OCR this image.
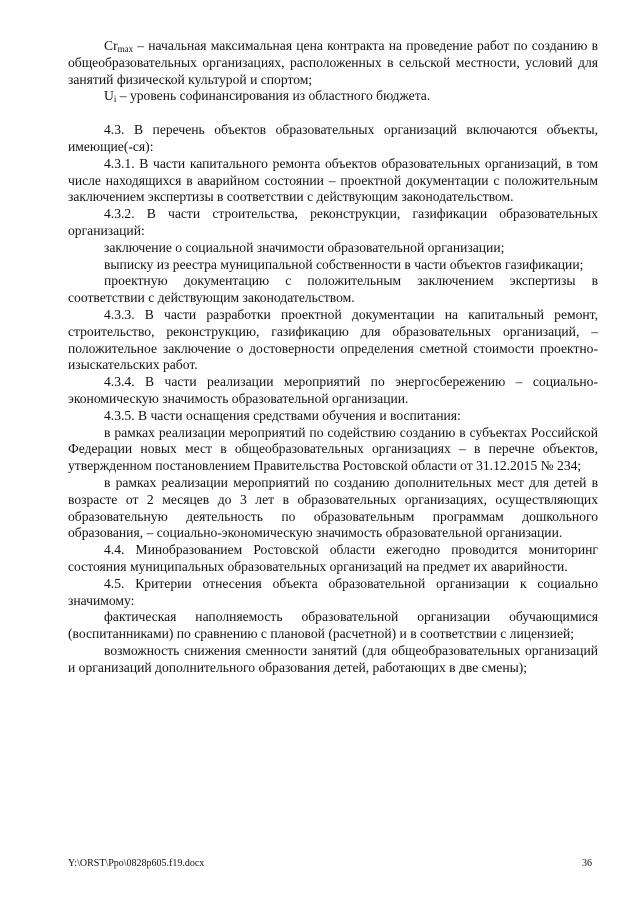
$Cr_{max}$ – начальная максимальная цена контракта на проведение работ по созданию в общеобразовательных организациях, расположенных в сельской местности, условий для занятий физической культурой и спортом;

$U_i$ – уровень софинансирования из областного бюджета.

4.3. В перечень объектов образовательных организаций включаются объекты, имеющие(-ся):

4.3.1. В части капитального ремонта объектов образовательных организаций, в том числе находящихся в аварийном состоянии – проектной документации с положительным заключением экспертизы в соответствии с действующим законодательством.

4.3.2. В части строительства, реконструкции, газификации образовательных организаций:

заключение о социальной значимости образовательной организации;

выписку из реестра муниципальной собственности в части объектов газификации;

проектную документацию с положительным заключением экспертизы в соответствии с действующим законодательством.

4.3.3. В части разработки проектной документации на капитальный ремонт, строительство, реконструкцию, газификацию для образовательных организаций, – положительное заключение о достоверности определения сметной стоимости проектно-изыскательских работ.

4.3.4. В части реализации мероприятий по энергосбережению – социально-экономическую значимость образовательной организации.

4.3.5. В части оснащения средствами обучения и воспитания:

в рамках реализации мероприятий по содействию созданию в субъектах Российской Федерации новых мест в общеобразовательных организациях – в перечне объектов, утвержденном постановлением Правительства Ростовской области от 31.12.2015 № 234;

в рамках реализации мероприятий по созданию дополнительных мест для детей в возрасте от 2 месяцев до 3 лет в образовательных организациях, осуществляющих образовательную деятельность по образовательным программам дошкольного образования, – социально-экономическую значимость образовательной организации.

4.4. Минобразованием Ростовской области ежегодно проводится мониторинг состояния муниципальных образовательных организаций на предмет их аварийности.

4.5. Критерии отнесения объекта образовательной организации к социально значимому:

фактическая наполняемость образовательной организации обучающимися (воспитанниками) по сравнению с плановой (расчетной) и в соответствии с лицензией;

возможность снижения сменности занятий (для общеобразовательных организаций и организаций дополнительного образования детей, работающих в две смены);

Y:\ORST\Ppo\0828p605.f19.docx	36
